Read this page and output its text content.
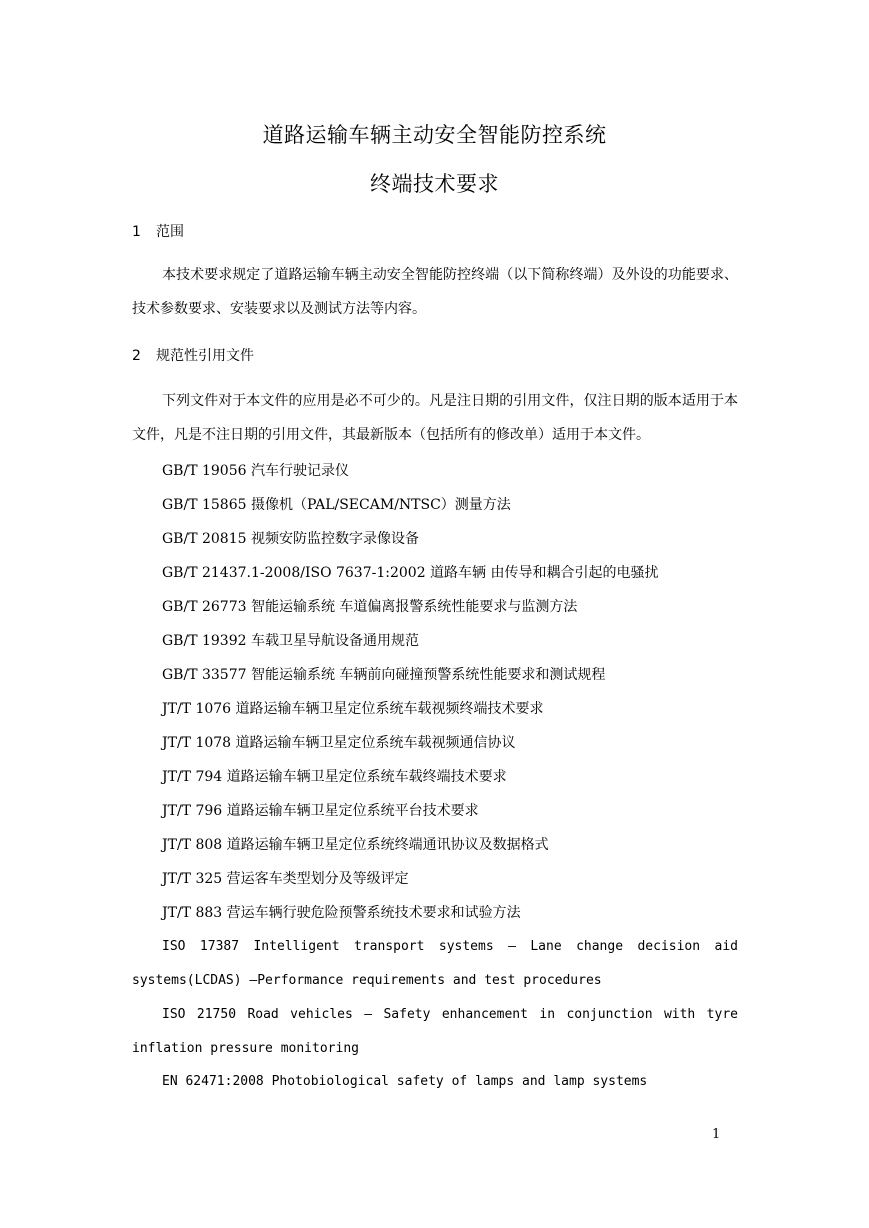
道路运输车辆主动安全智能防控系统
终端技术要求
1 范围

本技术要求规定了道路运输车辆主动安全智能防控终端（以下简称终端）及外设的功能要求、技术参数要求、安装要求以及测试方法等内容。

2 规范性引用文件

下列文件对于本文件的应用是必不可少的。凡是注日期的引用文件，仅注日期的版本适用于本文件，凡是不注日期的引用文件，其最新版本（包括所有的修改单）适用于本文件。

GB/T 19056 汽车行驶记录仪
GB/T 15865 摄像机（PAL/SECAM/NTSC）测量方法
GB/T 20815 视频安防监控数字录像设备
GB/T 21437.1-2008/ISO 7637-1:2002 道路车辆 由传导和耦合引起的电骚扰
GB/T 26773 智能运输系统 车道偏离报警系统性能要求与监测方法
GB/T 19392 车载卫星导航设备通用规范
GB/T 33577 智能运输系统 车辆前向碰撞预警系统性能要求和测试规程
JT/T 1076 道路运输车辆卫星定位系统车载视频终端技术要求
JT/T 1078 道路运输车辆卫星定位系统车载视频通信协议
JT/T 794 道路运输车辆卫星定位系统车载终端技术要求
JT/T 796 道路运输车辆卫星定位系统平台技术要求
JT/T 808 道路运输车辆卫星定位系统终端通讯协议及数据格式
JT/T 325 营运客车类型划分及等级评定
JT/T 883 营运车辆行驶危险预警系统技术要求和试验方法

ISO 17387 Intelligent transport systems — Lane change decision aid systems(LCDAS) —Performance requirements and test procedures

ISO 21750 Road vehicles — Safety enhancement in conjunction with tyre inflation pressure monitoring

EN 62471:2008 Photobiological safety of lamps and lamp systems
1
